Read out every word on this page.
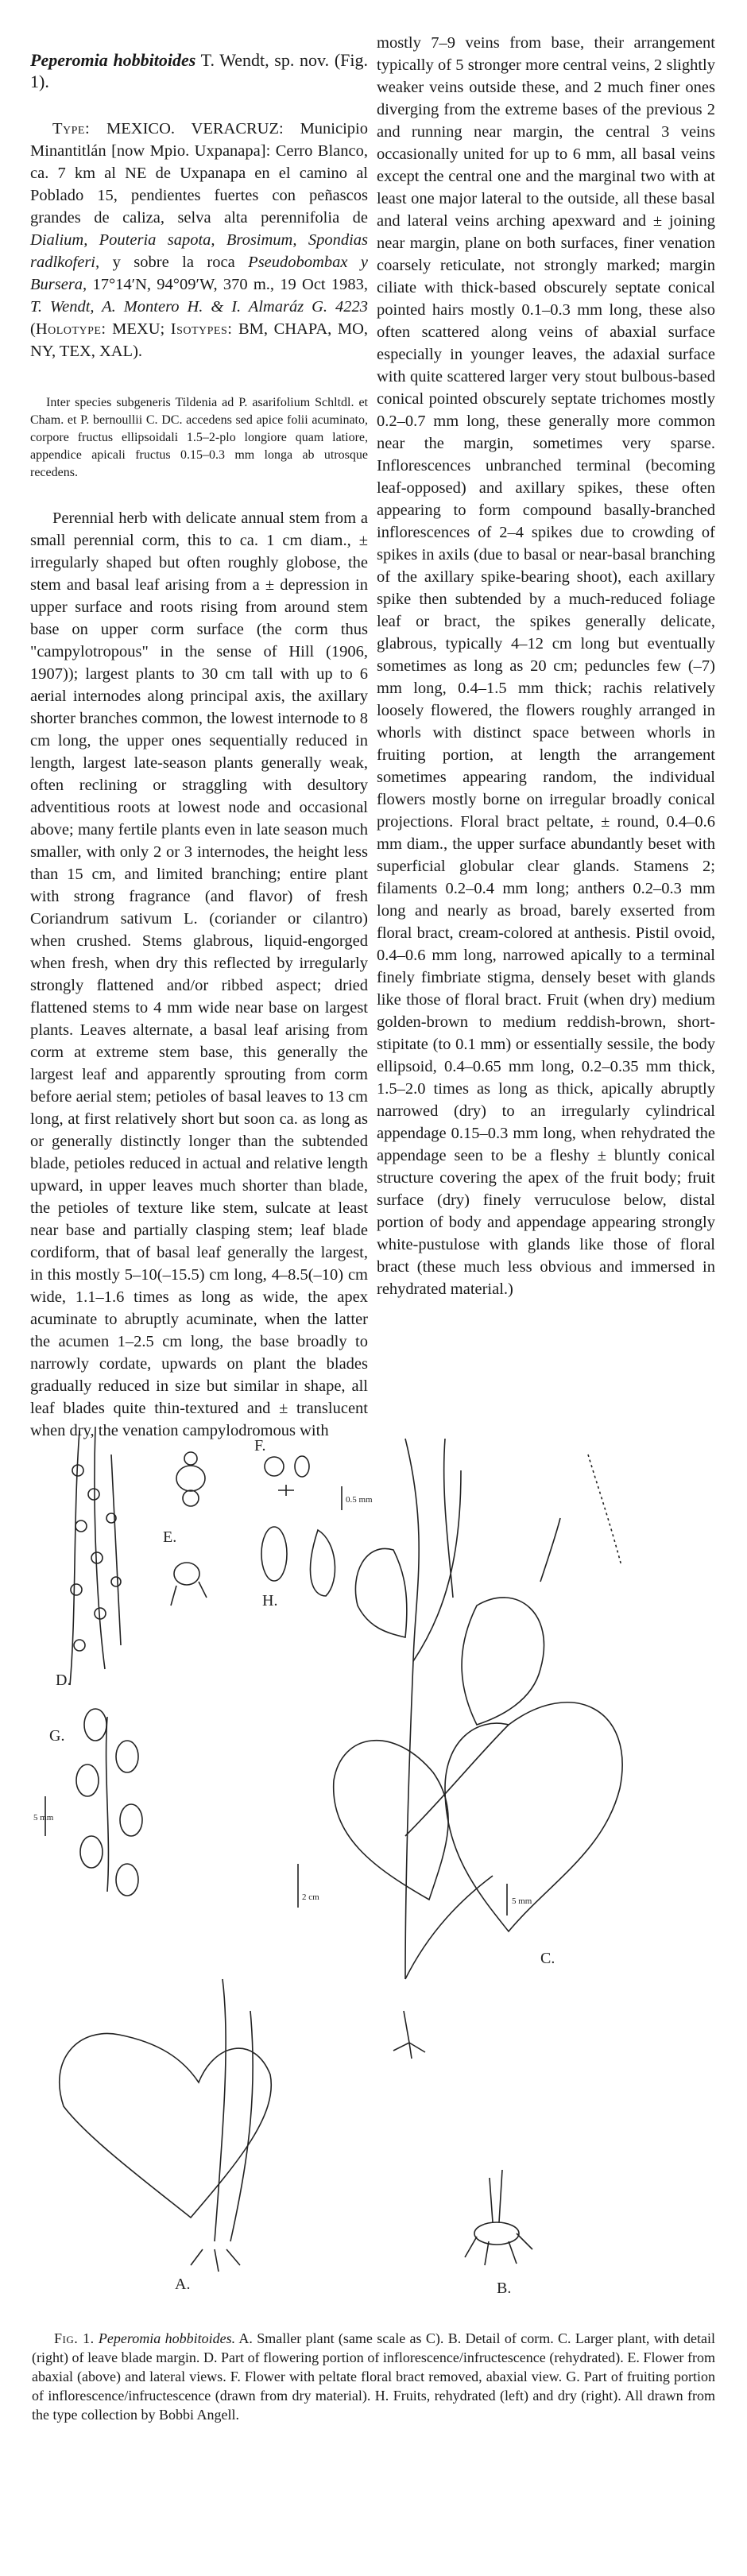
Peperomia hobbitoides T. Wendt, sp. nov. (Fig. 1).

Type: MEXICO. VERACRUZ: Municipio Minantitlán [now Mpio. Uxpanapa]: Cerro Blanco, ca. 7 km al NE de Uxpanapa en el camino al Poblado 15, pendientes fuertes con peñascos grandes de caliza, selva alta perennifolia de Dialium, Pouteria sapota, Brosimum, Spondias radlkoferi, y sobre la roca Pseudobombax y Bursera, 17°14′N, 94°09′W, 370 m., 19 Oct 1983, T. Wendt, A. Montero H. & I. Almaráz G. 4223 (Holotype: MEXU; Isotypes: BM, CHAPA, MO, NY, TEX, XAL).

Inter species subgeneris Tildenia ad P. asarifolium Schltdl. et Cham. et P. bernoullii C. DC. accedens sed apice folii acuminato, corpore fructus ellipsoidali 1.5–2-plo longiore quam latiore, appendice apicali fructus 0.15–0.3 mm longa ab utrosque recedens.

Perennial herb with delicate annual stem from a small perennial corm, this to ca. 1 cm diam., ± irregularly shaped but often roughly globose, the stem and basal leaf arising from a ± depression in upper surface and roots rising from around stem base on upper corm surface (the corm thus "campylotropous" in the sense of Hill (1906, 1907)); largest plants to 30 cm tall with up to 6 aerial internodes along principal axis, the axillary shorter branches common, the lowest internode to 8 cm long, the upper ones sequentially reduced in length, largest late-season plants generally weak, often reclining or straggling with desultory adventitious roots at lowest node and occasional above; many fertile plants even in late season much smaller, with only 2 or 3 internodes, the height less than 15 cm, and limited branching; entire plant with strong fragrance (and flavor) of fresh Coriandrum sativum L. (coriander or cilantro) when crushed. Stems glabrous, liquid-engorged when fresh, when dry this reflected by irregularly strongly flattened and/or ribbed aspect; dried flattened stems to 4 mm wide near base on largest plants. Leaves alternate, a basal leaf arising from corm at extreme stem base, this generally the largest leaf and apparently sprouting from corm before aerial stem; petioles of basal leaves to 13 cm long, at first relatively short but soon ca. as long as or generally distinctly longer than the subtended blade, petioles reduced in actual and relative length upward, in upper leaves much shorter than blade, the petioles of texture like stem, sulcate at least near base and partially clasping stem; leaf blade cordiform, that of basal leaf generally the largest, in this mostly 5–10(–15.5) cm long, 4–8.5(–10) cm wide, 1.1–1.6 times as long as wide, the apex acuminate to abruptly acuminate, when the latter the acumen 1–2.5 cm long, the base broadly to narrowly cordate, upwards on plant the blades gradually reduced in size but similar in shape, all leaf blades quite thin-textured and ± translucent when dry, the venation campylodromous with

mostly 7–9 veins from base, their arrangement typically of 5 stronger more central veins, 2 slightly weaker veins outside these, and 2 much finer ones diverging from the extreme bases of the previous 2 and running near margin, the central 3 veins occasionally united for up to 6 mm, all basal veins except the central one and the marginal two with at least one major lateral to the outside, all these basal and lateral veins arching apexward and ± joining near margin, plane on both surfaces, finer venation coarsely reticulate, not strongly marked; margin ciliate with thick-based obscurely septate conical pointed hairs mostly 0.1–0.3 mm long, these also often scattered along veins of abaxial surface especially in younger leaves, the adaxial surface with quite scattered larger very stout bulbous-based conical pointed obscurely septate trichomes mostly 0.2–0.7 mm long, these generally more common near the margin, sometimes very sparse. Inflorescences unbranched terminal (becoming leaf-opposed) and axillary spikes, these often appearing to form compound basally-branched inflorescences of 2–4 spikes due to crowding of spikes in axils (due to basal or near-basal branching of the axillary spike-bearing shoot), each axillary spike then subtended by a much-reduced foliage leaf or bract, the spikes generally delicate, glabrous, typically 4–12 cm long but eventually sometimes as long as 20 cm; peduncles few (–7) mm long, 0.4–1.5 mm thick; rachis relatively loosely flowered, the flowers roughly arranged in whorls with distinct space between whorls in fruiting portion, at length the arrangement sometimes appearing random, the individual flowers mostly borne on irregular broadly conical projections. Floral bract peltate, ± round, 0.4–0.6 mm diam., the upper surface abundantly beset with superficial globular clear glands. Stamens 2; filaments 0.2–0.4 mm long; anthers 0.2–0.3 mm long and nearly as broad, barely exserted from floral bract, cream-colored at anthesis. Pistil ovoid, 0.4–0.6 mm long, narrowed apically to a terminal finely fimbriate stigma, densely beset with glands like those of floral bract. Fruit (when dry) medium golden-brown to medium reddish-brown, short-stipitate (to 0.1 mm) or essentially sessile, the body ellipsoid, 0.4–0.65 mm long, 0.2–0.35 mm thick, 1.5–2.0 times as long as thick, apically abruptly narrowed (dry) to an irregularly cylindrical appendage 0.15–0.3 mm long, when rehydrated the appendage seen to be a fleshy ± bluntly conical structure covering the apex of the fruit body; fruit surface (dry) finely verruculose below, distal portion of body and appendage appearing strongly white-pustulose with glands like those of floral bract (these much less obvious and immersed in rehydrated material.)

D.
E.
F.
H.
G.
C.
A.	B.
0.5 mm
5 mm
2 cm	5 mm
Fig. 1. Peperomia hobbitoides. A. Smaller plant (same scale as C). B. Detail of corm. C. Larger plant, with detail (right) of leave blade margin. D. Part of flowering portion of inflorescence/infructescence (rehydrated). E. Flower from abaxial (above) and lateral views. F. Flower with peltate floral bract removed, abaxial view. G. Part of fruiting portion of inflorescence/infructescence (drawn from dry material). H. Fruits, rehydrated (left) and dry (right). All drawn from the type collection by Bobbi Angell.
